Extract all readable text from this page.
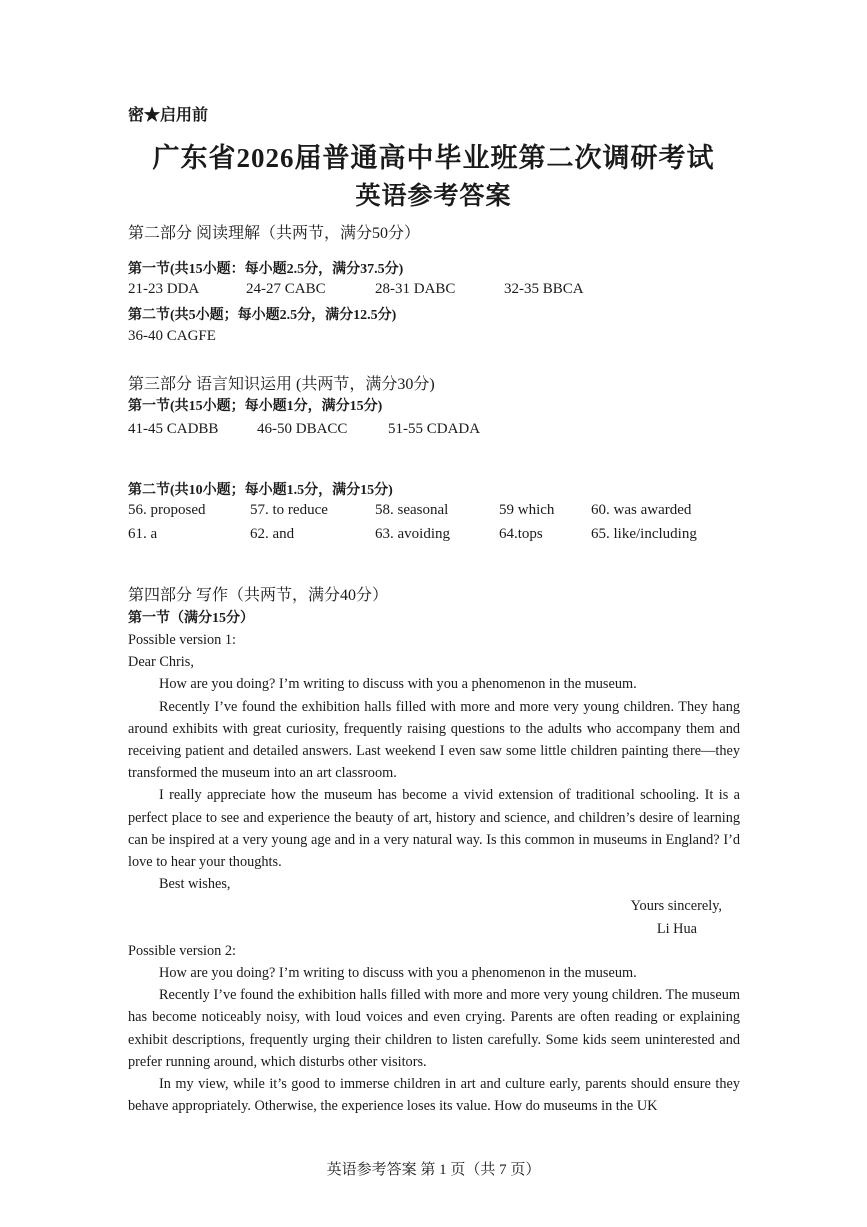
密★启用前
广东省2026届普通高中毕业班第二次调研考试
英语参考答案
第二部分 阅读理解（共两节，满分50分）
第一节(共15小题：每小题2.5分，满分37.5分)
21-23 DDA	24-27 CABC	28-31 DABC	32-35 BBCA
第二节(共5小题；每小题2.5分，满分12.5分)
36-40 CAGFE
第三部分 语言知识运用 (共两节，满分30分)
第一节(共15小题；每小题1分，满分15分)
41-45 CADBB	46-50 DBACC	51-55 CDADA
第二节(共10小题；每小题1.5分，满分15分)
56. proposed	57. to reduce	58. seasonal	59 which 60. was awarded
61. a	62. and	63. avoiding	64.tops	65. like/including
第四部分 写作（共两节，满分40分）
第一节（满分15分）

Possible version 1:

Dear Chris,

How are you doing? I’m writing to discuss with you a phenomenon in the museum.

Recently I’ve found the exhibition halls filled with more and more very young children. They hang around exhibits with great curiosity, frequently raising questions to the adults who accompany them and receiving patient and detailed answers. Last weekend I even saw some little children painting there—they transformed the museum into an art classroom.

I really appreciate how the museum has become a vivid extension of traditional schooling. It is a perfect place to see and experience the beauty of art, history and science, and children’s desire of learning can be inspired at a very young age and in a very natural way. Is this common in museums in England? I’d love to hear your thoughts.

Best wishes,

Yours sincerely,

Li Hua

Possible version 2:

How are you doing? I’m writing to discuss with you a phenomenon in the museum.

Recently I’ve found the exhibition halls filled with more and more very young children. The museum has become noticeably noisy, with loud voices and even crying. Parents are often reading or explaining exhibit descriptions, frequently urging their children to listen carefully. Some kids seem uninterested and prefer running around, which disturbs other visitors.

In my view, while it’s good to immerse children in art and culture early, parents should ensure they behave appropriately. Otherwise, the experience loses its value. How do museums in the UK

英语参考答案 第 1 页（共 7 页）
